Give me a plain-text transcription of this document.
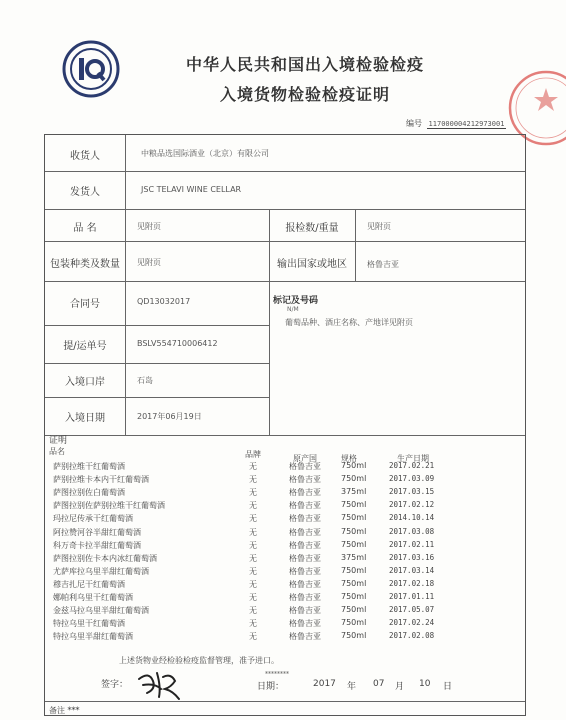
中华人民共和国出入境检验检疫
入境货物检验检疫证明
编号 117000004212973001
收货人	中粮品选国际酒业（北京）有限公司
发货人	JSC TELAVI WINE CELLAR
品 名	见附页	报检数/重量	见附页
包装种类及数量	见附页	输出国家或地区	格鲁吉亚
合同号	QD13032017	标记及号码
N/M
葡萄品种、酒庄名称、产地详见附页
提/运单号	BSLV554710006412
入境口岸	石岛
入境日期	2017年06月19日
证明
品名	品牌	原产国	规格	生产日期
萨别拉维干红葡萄酒	无	格鲁吉亚	750ml	2017.02.21
萨别拉维卡本内干红葡萄酒	无	格鲁吉亚	750ml	2017.03.09
萨图拉别佐白葡萄酒	无	格鲁吉亚	375ml	2017.03.15
萨图拉别佐萨别拉维干红葡萄酒	无	格鲁吉亚	750ml	2017.02.12
玛拉尼传承干红葡萄酒	无	格鲁吉亚	750ml	2014.10.14
阿拉赞河谷半甜红葡萄酒	无	格鲁吉亚	750ml	2017.03.08
科万奇卡拉半甜红葡萄酒	无	格鲁吉亚	750ml	2017.02.11
萨图拉别佐卡本内冰红葡萄酒	无	格鲁吉亚	375ml	2017.03.16
尤萨库拉乌里半甜红葡萄酒	无	格鲁吉亚	750ml	2017.03.14
穆吉扎尼干红葡萄酒	无	格鲁吉亚	750ml	2017.02.18
娜帕利乌里干红葡萄酒	无	格鲁吉亚	750ml	2017.01.11
金兹马拉乌里半甜红葡萄酒	无	格鲁吉亚	750ml	2017.05.07
特拉乌里干红葡萄酒	无	格鲁吉亚	750ml	2017.02.24
特拉乌里半甜红葡萄酒	无	格鲁吉亚	750ml	2017.02.08
上述货物业经检验检疫监督管理，准予进口。
签字：
********
日期：	2017 年 07 月 10 日
备注 ***
